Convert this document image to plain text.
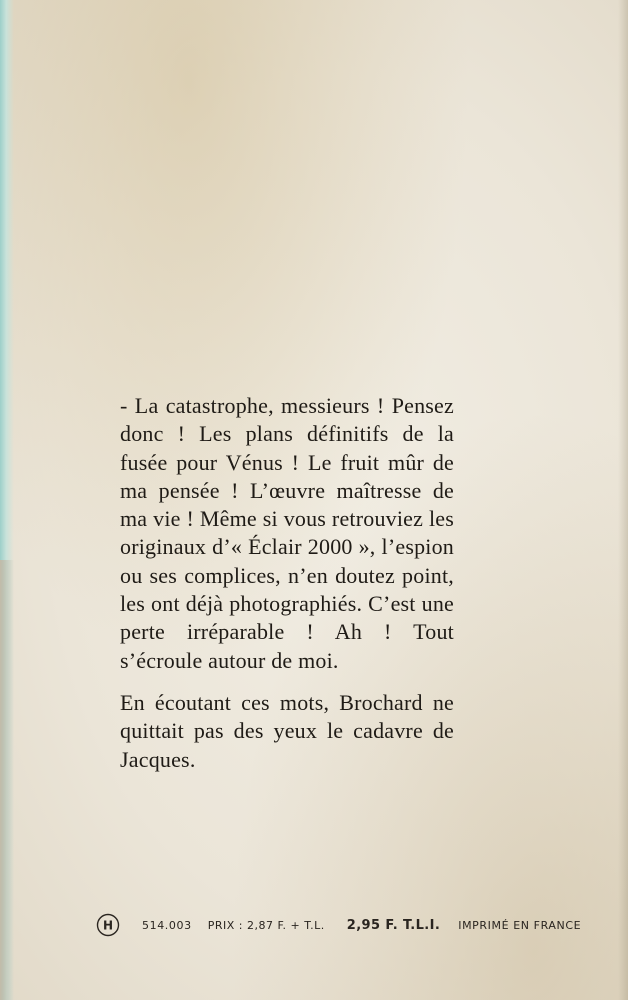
- La catastrophe, messieurs ! Pensez donc ! Les plans définitifs de la fusée pour Vénus ! Le fruit mûr de ma pensée ! L’œuvre maîtresse de ma vie ! Même si vous retrouviez les originaux d’« Éclair 2000 », l’espion ou ses complices, n’en doutez point, les ont déjà photographiés. C’est une perte irréparable ! Ah ! Tout s’écroule autour de moi.

En écoutant ces mots, Brochard ne quittait pas des yeux le cadavre de Jacques.

H	514.003 PRIX : 2,87 F. + T.L. 2,95 F. T.L.I. IMPRIMÉ EN FRANCE
